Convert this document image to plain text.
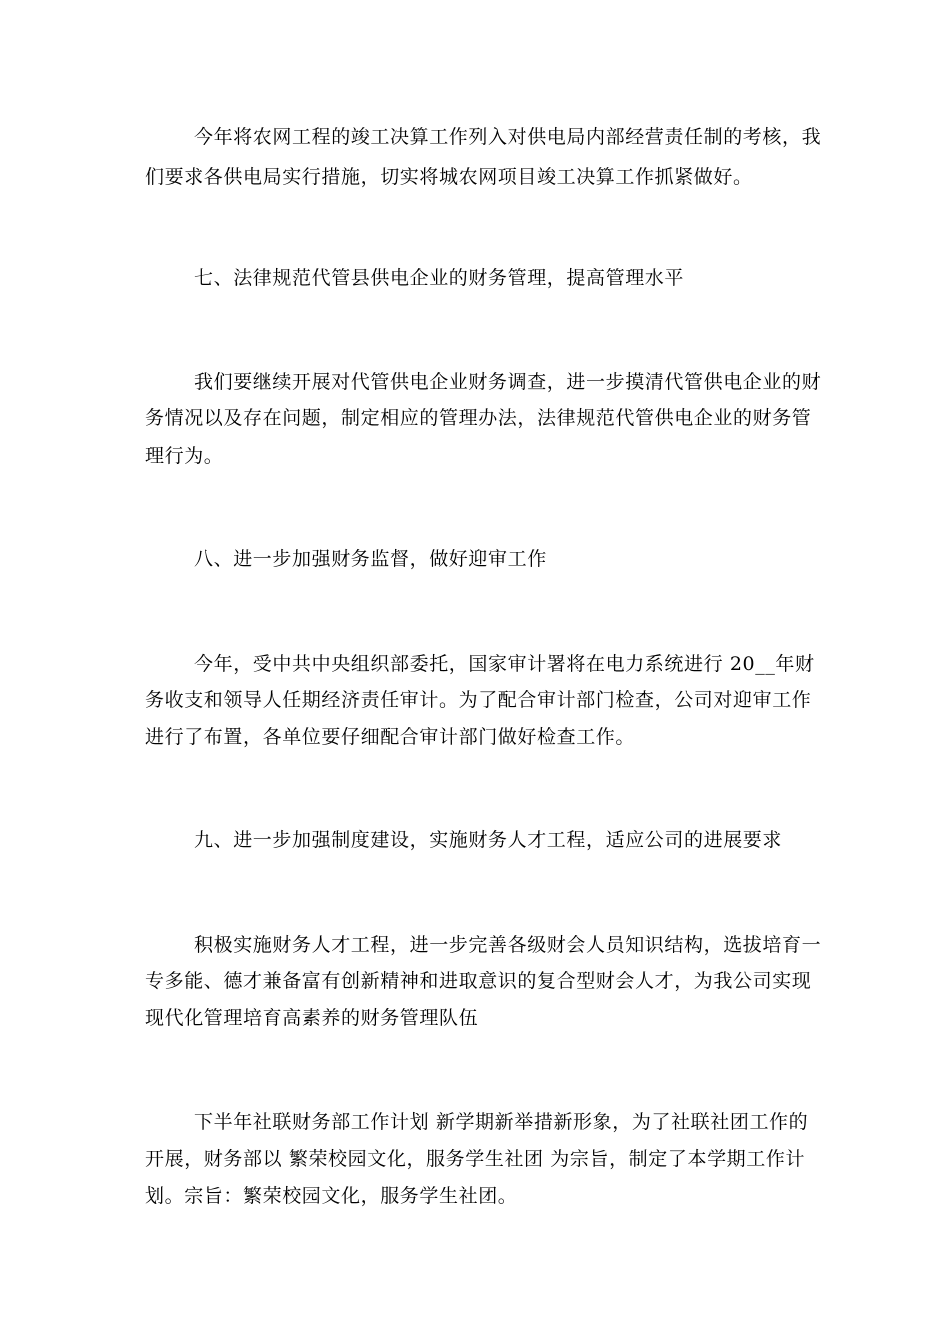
今年将农网工程的竣工决算工作列入对供电局内部经营责任制的考核，我
们要求各供电局实行措施，切实将城农网项目竣工决算工作抓紧做好。
七、法律规范代管县供电企业的财务管理，提高管理水平
我们要继续开展对代管供电企业财务调查，进一步摸清代管供电企业的财
务情况以及存在问题，制定相应的管理办法，法律规范代管供电企业的财务管
理行为。
八、进一步加强财务监督，做好迎审工作
今年，受中共中央组织部委托，国家审计署将在电力系统进行 20__年财
务收支和领导人任期经济责任审计。为了配合审计部门检查，公司对迎审工作
进行了布置，各单位要仔细配合审计部门做好检查工作。
九、进一步加强制度建设，实施财务人才工程，适应公司的进展要求
积极实施财务人才工程，进一步完善各级财会人员知识结构，选拔培育一
专多能、德才兼备富有创新精神和进取意识的复合型财会人才，为我公司实现
现代化管理培育高素养的财务管理队伍
下半年社联财务部工作计划 新学期新举措新形象，为了社联社团工作的
开展，财务部以 繁荣校园文化，服务学生社团 为宗旨，制定了本学期工作计
划。宗旨：繁荣校园文化，服务学生社团。
